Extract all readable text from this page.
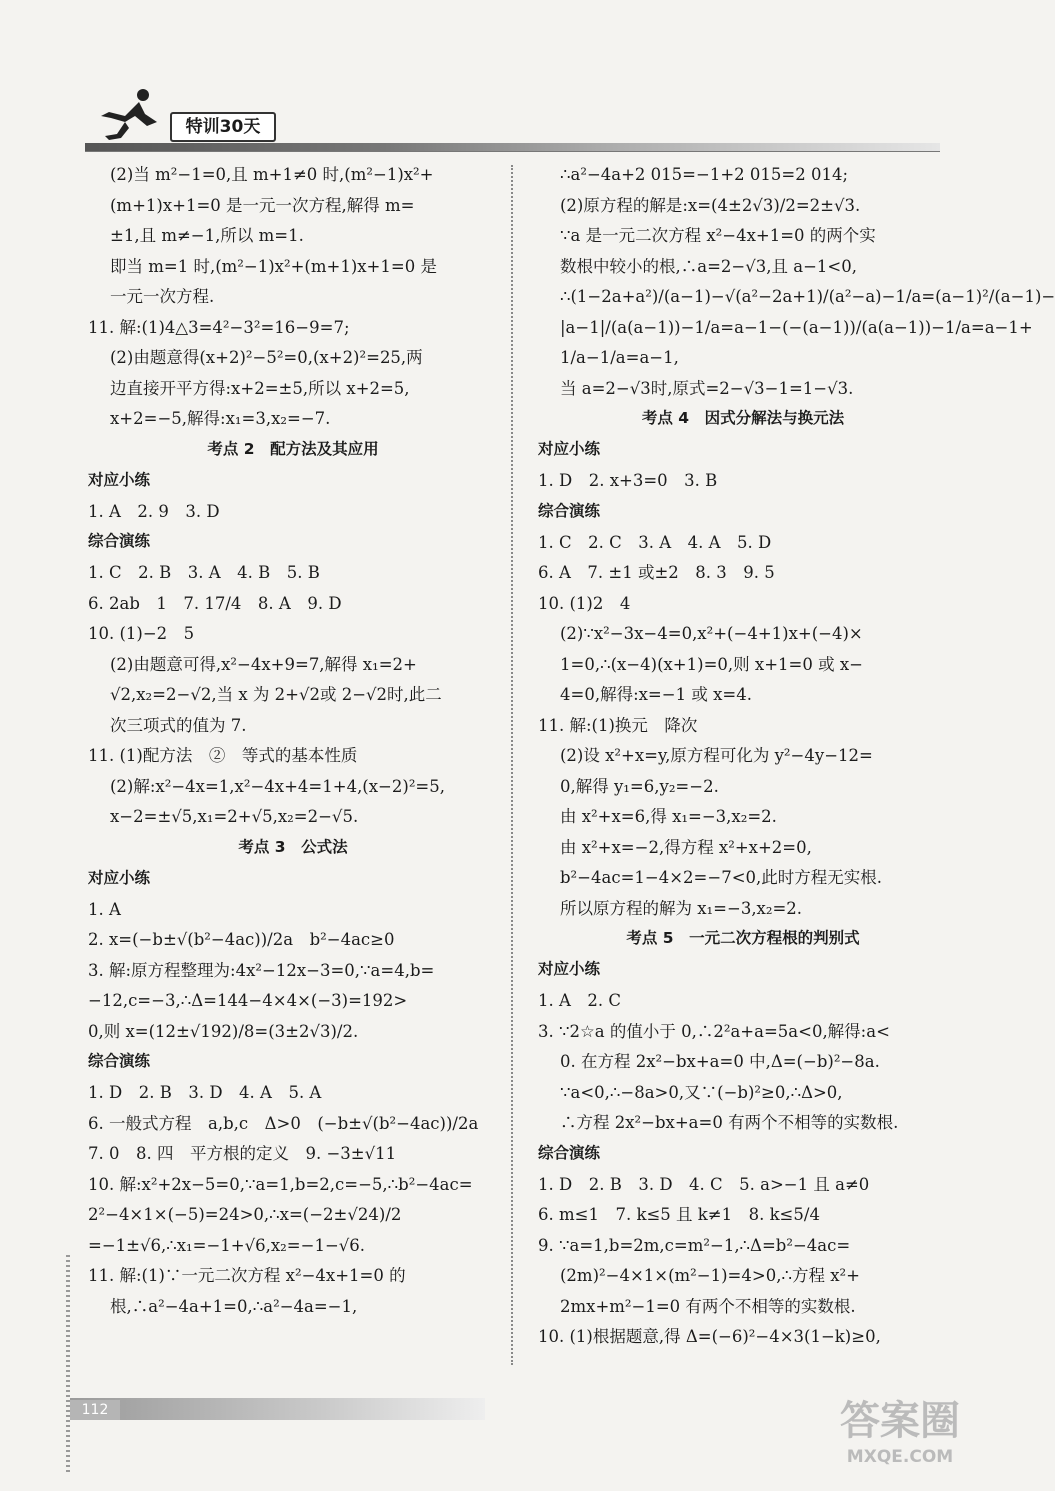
特训30天
(2)当 m²−1=0,且 m+1≠0 时,(m²−1)x²+
(m+1)x+1=0 是一元一次方程,解得 m=
±1,且 m≠−1,所以 m=1.
即当 m=1 时,(m²−1)x²+(m+1)x+1=0 是
一元一次方程.
11. 解:(1)4△3=4²−3²=16−9=7;
(2)由题意得(x+2)²−5²=0,(x+2)²=25,两
边直接开平方得:x+2=±5,所以 x+2=5,
x+2=−5,解得:x₁=3,x₂=−7.
考点 2　配方法及其应用
对应小练
1. A　2. 9　3. D
综合演练
1. C　2. B　3. A　4. B　5. B
6. 2ab　1　7. 17/4　8. A　9. D
10. (1)−2　5
(2)由题意可得,x²−4x+9=7,解得 x₁=2+
√2,x₂=2−√2,当 x 为 2+√2或 2−√2时,此二
次三项式的值为 7.
11. (1)配方法　②　等式的基本性质
(2)解:x²−4x=1,x²−4x+4=1+4,(x−2)²=5,
x−2=±√5,x₁=2+√5,x₂=2−√5.
考点 3　公式法
对应小练
1. A
2. x=(−b±√(b²−4ac))/2a　b²−4ac≥0
3. 解:原方程整理为:4x²−12x−3=0,∵a=4,b=
−12,c=−3,∴Δ=144−4×4×(−3)=192>
0,则 x=(12±√192)/8=(3±2√3)/2.
综合演练
1. D　2. B　3. D　4. A　5. A
6. 一般式方程　a,b,c　Δ>0　(−b±√(b²−4ac))/2a
7. 0　8. 四　平方根的定义　9. −3±√11
10. 解:x²+2x−5=0,∵a=1,b=2,c=−5,∴b²−4ac=
2²−4×1×(−5)=24>0,∴x=(−2±√24)/2
=−1±√6,∴x₁=−1+√6,x₂=−1−√6.
11. 解:(1)∵一元二次方程 x²−4x+1=0 的
根,∴a²−4a+1=0,∴a²−4a=−1,
∴a²−4a+2 015=−1+2 015=2 014;
(2)原方程的解是:x=(4±2√3)/2=2±√3.
∵a 是一元二次方程 x²−4x+1=0 的两个实
数根中较小的根,∴a=2−√3,且 a−1<0,
∴(1−2a+a²)/(a−1)−√(a²−2a+1)/(a²−a)−1/a=(a−1)²/(a−1)−
|a−1|/(a(a−1))−1/a=a−1−(−(a−1))/(a(a−1))−1/a=a−1+
1/a−1/a=a−1,
当 a=2−√3时,原式=2−√3−1=1−√3.
考点 4　因式分解法与换元法
对应小练
1. D　2. x+3=0　3. B
综合演练
1. C　2. C　3. A　4. A　5. D
6. A　7. ±1 或±2　8. 3　9. 5
10. (1)2　4
(2)∵x²−3x−4=0,x²+(−4+1)x+(−4)×
1=0,∴(x−4)(x+1)=0,则 x+1=0 或 x−
4=0,解得:x=−1 或 x=4.
11. 解:(1)换元　降次
(2)设 x²+x=y,原方程可化为 y²−4y−12=
0,解得 y₁=6,y₂=−2.
由 x²+x=6,得 x₁=−3,x₂=2.
由 x²+x=−2,得方程 x²+x+2=0,
b²−4ac=1−4×2=−7<0,此时方程无实根.
所以原方程的解为 x₁=−3,x₂=2.
考点 5　一元二次方程根的判别式
对应小练
1. A　2. C
3. ∵2☆a 的值小于 0,∴2²a+a=5a<0,解得:a<
0. 在方程 2x²−bx+a=0 中,Δ=(−b)²−8a.
∵a<0,∴−8a>0,又∵(−b)²≥0,∴Δ>0,
∴方程 2x²−bx+a=0 有两个不相等的实数根.
综合演练
1. D　2. B　3. D　4. C　5. a>−1 且 a≠0
6. m≤1　7. k≤5 且 k≠1　8. k≤5/4
9. ∵a=1,b=2m,c=m²−1,∴Δ=b²−4ac=
(2m)²−4×1×(m²−1)=4>0,∴方程 x²+
2mx+m²−1=0 有两个不相等的实数根.
10. (1)根据题意,得 Δ=(−6)²−4×3(1−k)≥0,
112	答案圈
MXQE.COM
